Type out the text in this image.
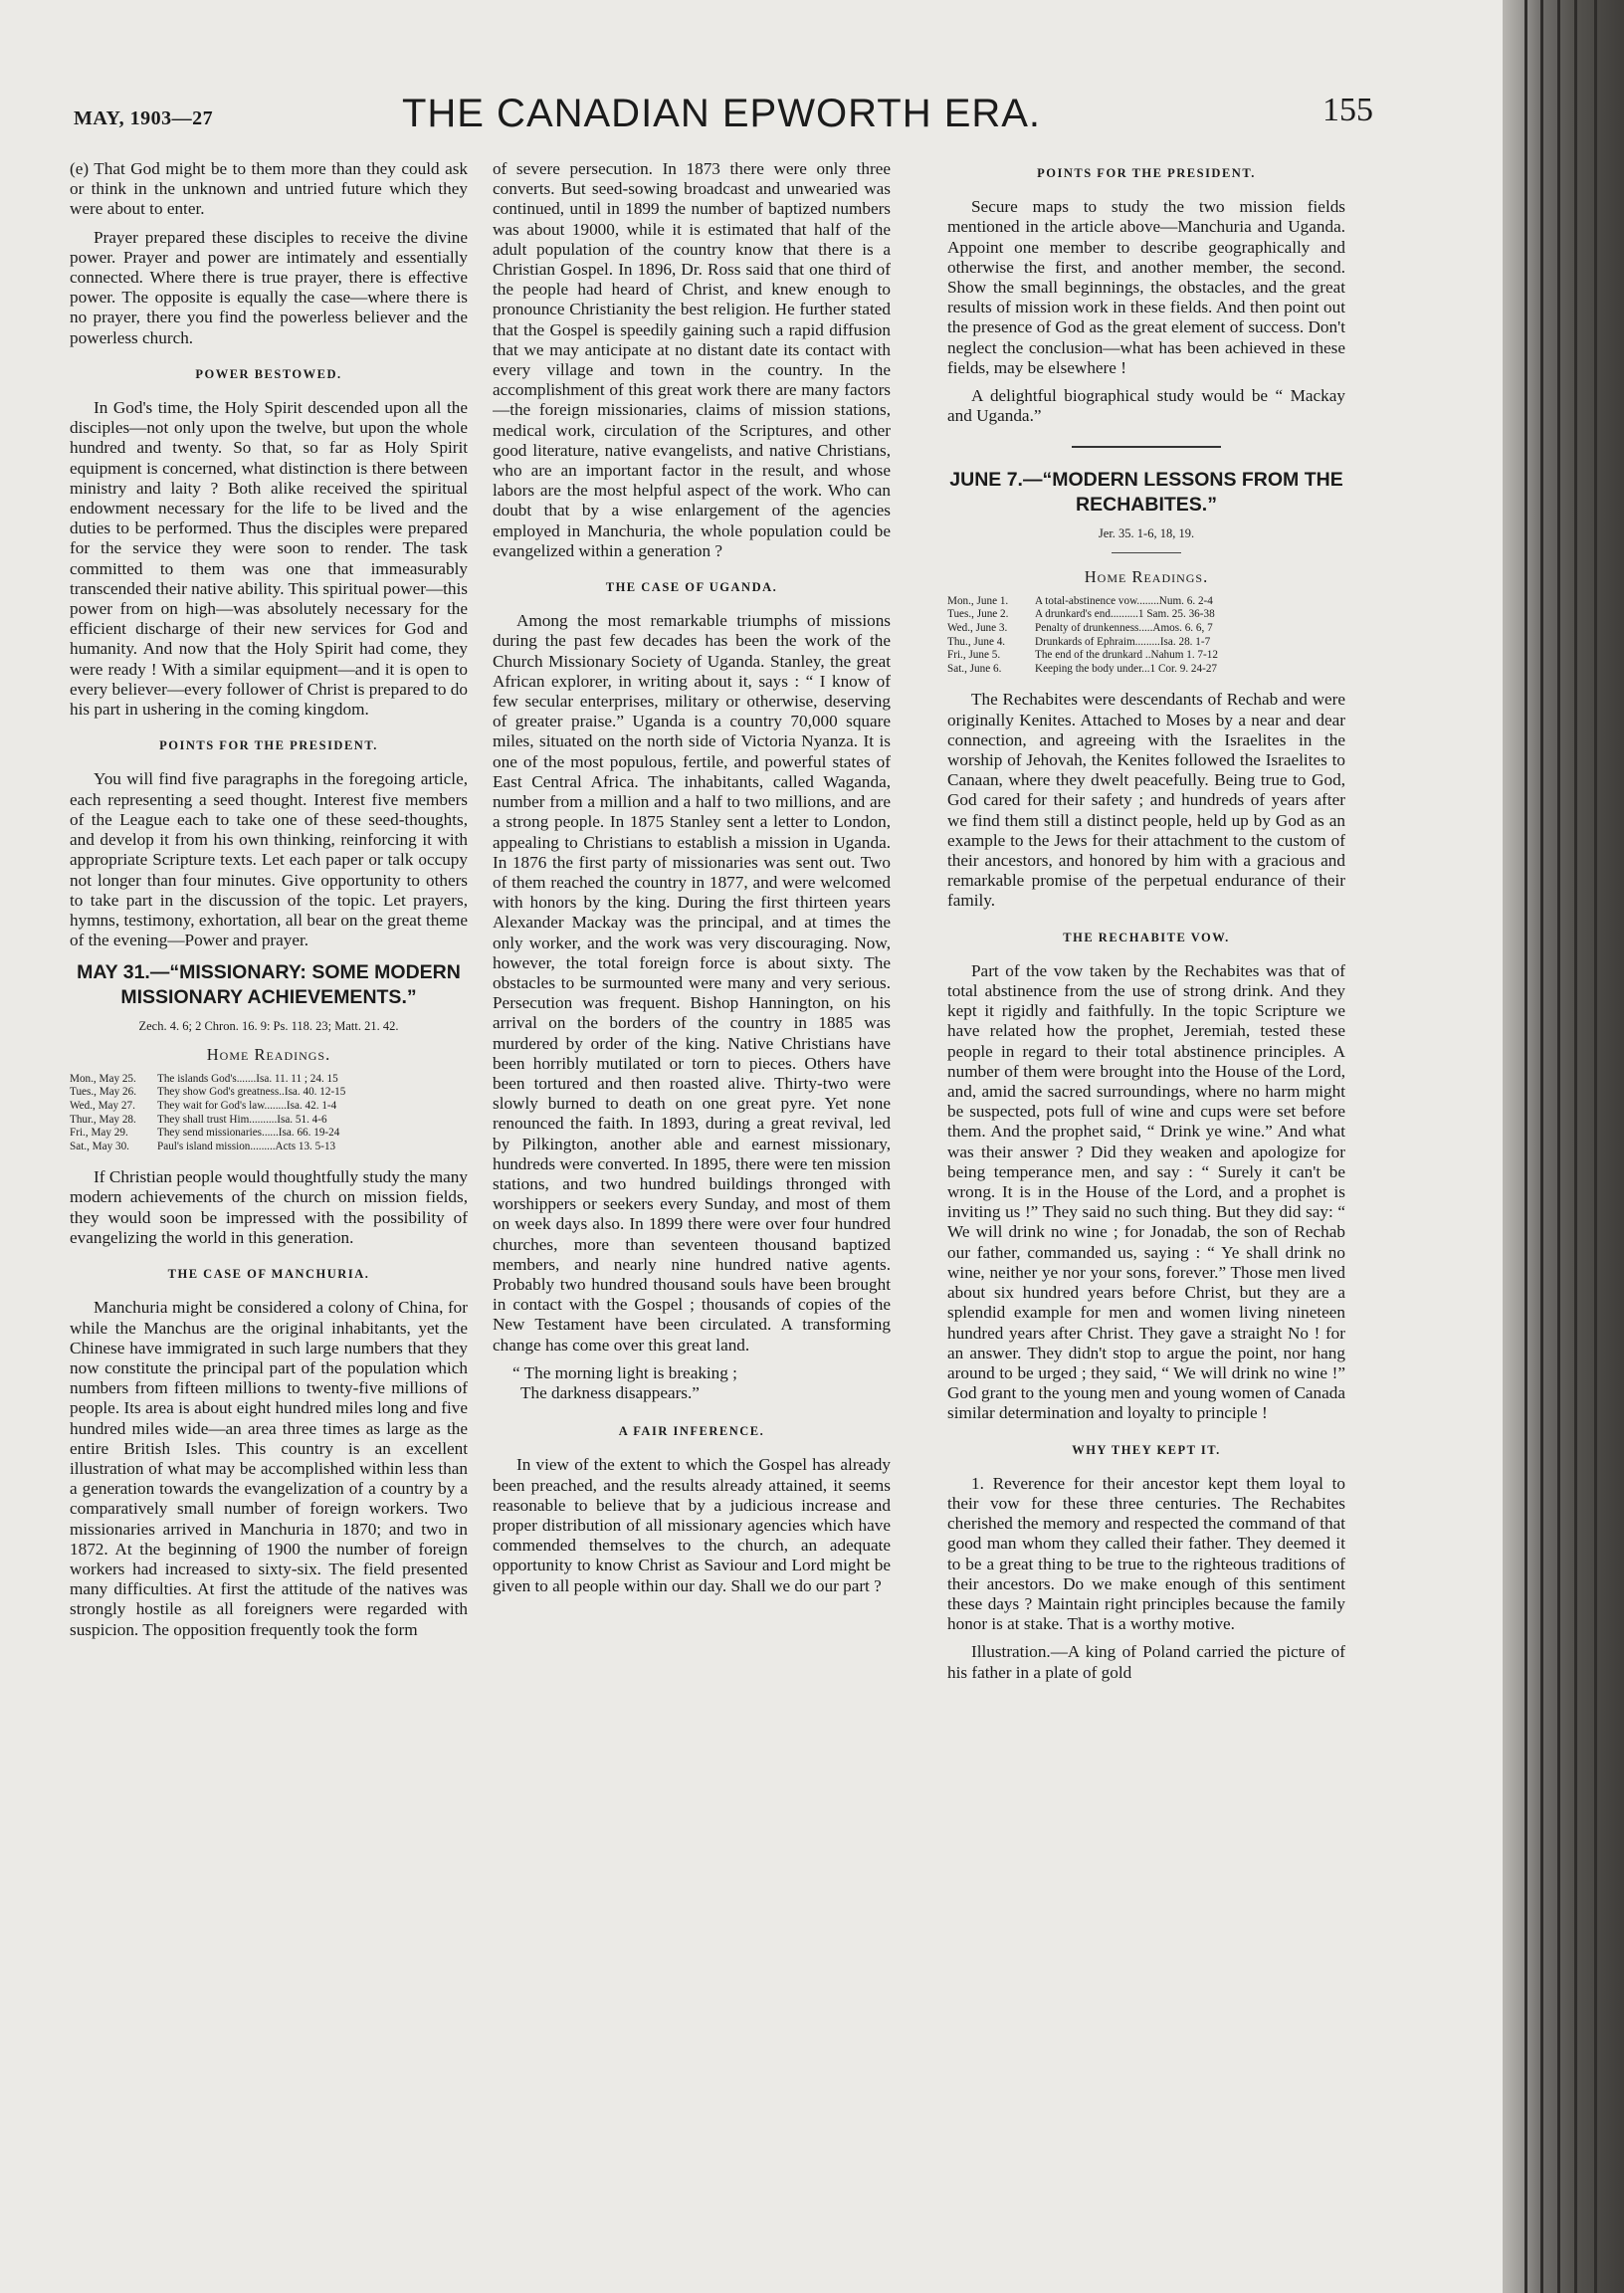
MAY, 1903—27	THE CANADIAN EPWORTH ERA.	155

(e) That God might be to them more than they could ask or think in the unknown and untried future which they were about to enter.

Prayer prepared these disciples to receive the divine power. Prayer and power are intimately and essentially connected. Where there is true prayer, there is effective power. The opposite is equally the case—where there is no prayer, there you find the powerless believer and the powerless church.

POWER BESTOWED.

In God's time, the Holy Spirit descended upon all the disciples—not only upon the twelve, but upon the whole hundred and twenty. So that, so far as Holy Spirit equipment is concerned, what distinction is there between ministry and laity ? Both alike received the spiritual endowment necessary for the life to be lived and the duties to be performed. Thus the disciples were prepared for the service they were soon to render. The task committed to them was one that immeasurably transcended their native ability. This spiritual power—this power from on high—was absolutely necessary for the efficient discharge of their new services for God and humanity. And now that the Holy Spirit had come, they were ready ! With a similar equipment—and it is open to every believer—every follower of Christ is prepared to do his part in ushering in the coming kingdom.

POINTS FOR THE PRESIDENT.

You will find five paragraphs in the foregoing article, each representing a seed thought. Interest five members of the League each to take one of these seed-thoughts, and develop it from his own thinking, reinforcing it with appropriate Scripture texts. Let each paper or talk occupy not longer than four minutes. Give opportunity to others to take part in the discussion of the topic. Let prayers, hymns, testimony, exhortation, all bear on the great theme of the evening—Power and prayer.

MAY 31.—“MISSIONARY: SOME MODERN MISSIONARY ACHIEVEMENTS.”
Zech. 4. 6; 2 Chron. 16. 9: Ps. 118. 23; Matt. 21. 42.
Home Readings.
Mon., May 25.	The islands God's.......Isa. 11. 11 ; 24. 15
Tues., May 26.	They show God's greatness..Isa. 40. 12-15
Wed., May 27.	They wait for God's law........Isa. 42. 1-4
Thur., May 28.	They shall trust Him..........Isa. 51. 4-6
Fri., May 29.	They send missionaries......Isa. 66. 19-24
Sat., May 30.	Paul's island mission.........Acts 13. 5-13

If Christian people would thoughtfully study the many modern achievements of the church on mission fields, they would soon be impressed with the possibility of evangelizing the world in this generation.

THE CASE OF MANCHURIA.

Manchuria might be considered a colony of China, for while the Manchus are the original inhabitants, yet the Chinese have immigrated in such large numbers that they now constitute the principal part of the population which numbers from fifteen millions to twenty-five millions of people. Its area is about eight hundred miles long and five hundred miles wide—an area three times as large as the entire British Isles. This country is an excellent illustration of what may be accomplished within less than a generation towards the evangelization of a country by a comparatively small number of foreign workers. Two missionaries arrived in Manchuria in 1870; and two in 1872. At the beginning of 1900 the number of foreign workers had increased to sixty-six. The field presented many difficulties. At first the attitude of the natives was strongly hostile as all foreigners were regarded with suspicion. The opposition frequently took the form

of severe persecution. In 1873 there were only three converts. But seed-sowing broadcast and unwearied was continued, until in 1899 the number of baptized numbers was about 19000, while it is estimated that half of the adult population of the country know that there is a Christian Gospel. In 1896, Dr. Ross said that one third of the people had heard of Christ, and knew enough to pronounce Christianity the best religion. He further stated that the Gospel is speedily gaining such a rapid diffusion that we may anticipate at no distant date its contact with every village and town in the country. In the accomplishment of this great work there are many factors—the foreign missionaries, claims of mission stations, medical work, circulation of the Scriptures, and other good literature, native evangelists, and native Christians, who are an important factor in the result, and whose labors are the most helpful aspect of the work. Who can doubt that by a wise enlargement of the agencies employed in Manchuria, the whole population could be evangelized within a generation ?

THE CASE OF UGANDA.

Among the most remarkable triumphs of missions during the past few decades has been the work of the Church Missionary Society of Uganda. Stanley, the great African explorer, in writing about it, says : “ I know of few secular enterprises, military or otherwise, deserving of greater praise.” Uganda is a country 70,000 square miles, situated on the north side of Victoria Nyanza. It is one of the most populous, fertile, and powerful states of East Central Africa. The inhabitants, called Waganda, number from a million and a half to two millions, and are a strong people. In 1875 Stanley sent a letter to London, appealing to Christians to establish a mission in Uganda. In 1876 the first party of missionaries was sent out. Two of them reached the country in 1877, and were welcomed with honors by the king. During the first thirteen years Alexander Mackay was the principal, and at times the only worker, and the work was very discouraging. Now, however, the total foreign force is about sixty. The obstacles to be surmounted were many and very serious. Persecution was frequent. Bishop Hannington, on his arrival on the borders of the country in 1885 was murdered by order of the king. Native Christians have been horribly mutilated or torn to pieces. Others have been tortured and then roasted alive. Thirty-two were slowly burned to death on one great pyre. Yet none renounced the faith. In 1893, during a great revival, led by Pilkington, another able and earnest missionary, hundreds were converted. In 1895, there were ten mission stations, and two hundred buildings thronged with worshippers or seekers every Sunday, and most of them on week days also. In 1899 there were over four hundred churches, more than seventeen thousand baptized members, and nearly nine hundred native agents. Probably two hundred thousand souls have been brought in contact with the Gospel ; thousands of copies of the New Testament have been circulated. A transforming change has come over this great land.

“ The morning light is breaking ;
The darkness disappears.”
A FAIR INFERENCE.

In view of the extent to which the Gospel has already been preached, and the results already attained, it seems reasonable to believe that by a judicious increase and proper distribution of all missionary agencies which have commended themselves to the church, an adequate opportunity to know Christ as Saviour and Lord might be given to all people within our day. Shall we do our part ?

POINTS FOR THE PRESIDENT.

Secure maps to study the two mission fields mentioned in the article above—Manchuria and Uganda. Appoint one member to describe geographically and otherwise the first, and another member, the second. Show the small beginnings, the obstacles, and the great results of mission work in these fields. And then point out the presence of God as the great element of success. Don't neglect the conclusion—what has been achieved in these fields, may be elsewhere !

A delightful biographical study would be “ Mackay and Uganda.”

JUNE 7.—“MODERN LESSONS FROM THE RECHABITES.”
Jer. 35. 1-6, 18, 19.
Home Readings.
Mon., June 1.	A total-abstinence vow........Num. 6. 2-4
Tues., June 2.	A drunkard's end..........1 Sam. 25. 36-38
Wed., June 3.	Penalty of drunkenness.....Amos. 6. 6, 7
Thu., June 4.	Drunkards of Ephraim.........Isa. 28. 1-7
Fri., June 5.	The end of the drunkard ..Nahum 1. 7-12
Sat., June 6.	Keeping the body under...1 Cor. 9. 24-27

The Rechabites were descendants of Rechab and were originally Kenites. Attached to Moses by a near and dear connection, and agreeing with the Israelites in the worship of Jehovah, the Kenites followed the Israelites to Canaan, where they dwelt peacefully. Being true to God, God cared for their safety ; and hundreds of years after we find them still a distinct people, held up by God as an example to the Jews for their attachment to the custom of their ancestors, and honored by him with a gracious and remarkable promise of the perpetual endurance of their family.

THE RECHABITE VOW.

Part of the vow taken by the Rechabites was that of total abstinence from the use of strong drink. And they kept it rigidly and faithfully. In the topic Scripture we have related how the prophet, Jeremiah, tested these people in regard to their total abstinence principles. A number of them were brought into the House of the Lord, and, amid the sacred surroundings, where no harm might be suspected, pots full of wine and cups were set before them. And the prophet said, “ Drink ye wine.” And what was their answer ? Did they weaken and apologize for being temperance men, and say : “ Surely it can't be wrong. It is in the House of the Lord, and a prophet is inviting us !” They said no such thing. But they did say: “ We will drink no wine ; for Jonadab, the son of Rechab our father, commanded us, saying : “ Ye shall drink no wine, neither ye nor your sons, forever.” Those men lived about six hundred years before Christ, but they are a splendid example for men and women living nineteen hundred years after Christ. They gave a straight No ! for an answer. They didn't stop to argue the point, nor hang around to be urged ; they said, “ We will drink no wine !” God grant to the young men and young women of Canada similar determination and loyalty to principle !

WHY THEY KEPT IT.

1. Reverence for their ancestor kept them loyal to their vow for these three centuries. The Rechabites cherished the memory and respected the command of that good man whom they called their father. They deemed it to be a great thing to be true to the righteous traditions of their ancestors. Do we make enough of this sentiment these days ? Maintain right principles because the family honor is at stake. That is a worthy motive.

Illustration.—A king of Poland carried the picture of his father in a plate of gold
